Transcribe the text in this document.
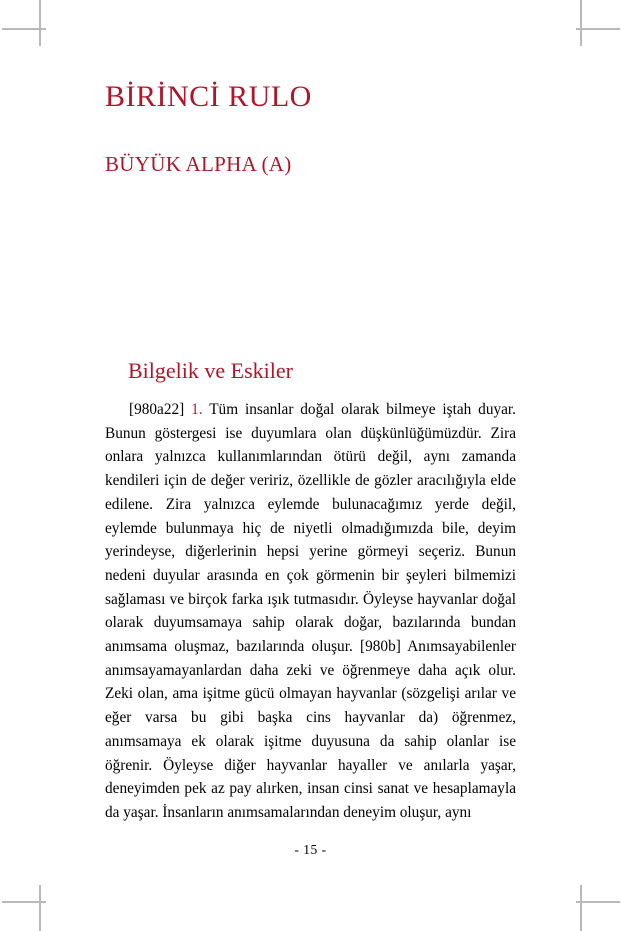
BİRİNCİ RULO
BÜYÜK ALPHA (A)
Bilgelik ve Eskiler

[980a22] 1. Tüm insanlar doğal olarak bilmeye iştah duyar. Bunun göstergesi ise duyumlara olan düşkünlüğümüzdür. Zira onlara yalnızca kullanımlarından ötürü değil, aynı zamanda kendileri için de değer veririz, özellikle de gözler aracılığıyla elde edilene. Zira yalnızca eylemde bulunacağımız yerde değil, eylemde bulunmaya hiç de niyetli olmadığımızda bile, deyim yerindeyse, diğerlerinin hepsi yerine görmeyi seçeriz. Bunun nedeni duyular arasında en çok görmenin bir şeyleri bilmemizi sağlaması ve birçok farka ışık tutmasıdır. Öyleyse hayvanlar doğal olarak duyumsamaya sahip olarak doğar, bazılarında bundan anımsama oluşmaz, bazılarında oluşur. [980b] Anımsayabilenler anımsayamayanlardan daha zeki ve öğrenmeye daha açık olur. Zeki olan, ama işitme gücü olmayan hayvanlar (sözgelişi arılar ve eğer varsa bu gibi başka cins hayvanlar da) öğrenmez, anımsamaya ek olarak işitme duyusuna da sahip olanlar ise öğrenir. Öyleyse diğer hayvanlar hayaller ve anılarla yaşar, deneyimden pek az pay alırken, insan cinsi sanat ve hesaplamayla da yaşar. İnsanların anımsamalarından deneyim oluşur, aynı

- 15 -
